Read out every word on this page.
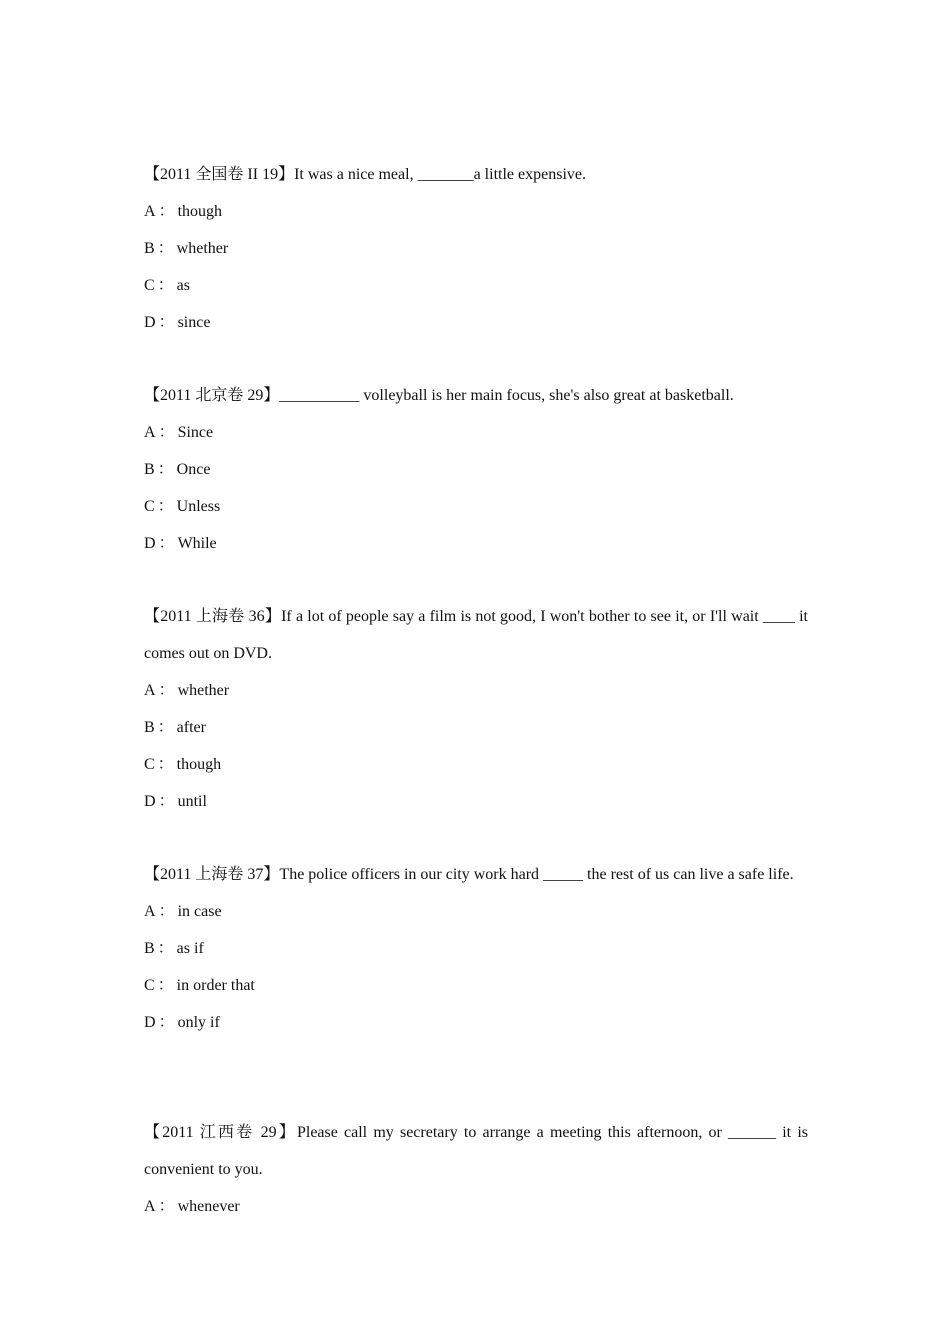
【2011 全国卷 II 19】It was a nice meal, _______a little expensive.

A ： though

B ： whether

C ： as

D ： since

【2011 北京卷 29】__________ volleyball is her main focus, she's also great at basketball.

A ： Since

B ： Once

C ： Unless

D ： While

【2011 上海卷 36】If a lot of people say a film is not good, I won't bother to see it, or I'll wait ____ it comes out on DVD.

A ： whether

B ： after

C ： though

D ： until

【2011 上海卷 37】The police officers in our city work hard _____ the rest of us can live a safe life.

A ： in case

B ： as if

C ： in order that

D ： only if

【2011 江西卷 29】Please call my secretary to arrange a meeting this afternoon, or ______ it is convenient to you.

A ： whenever
